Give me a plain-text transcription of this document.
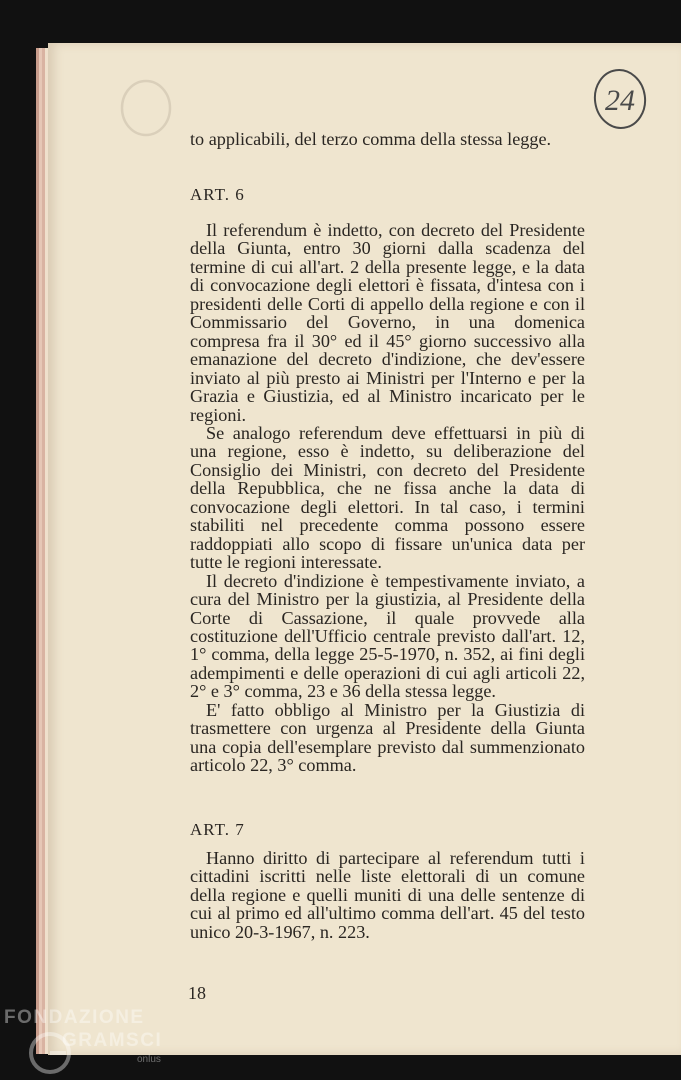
24

to applicabili, del terzo comma della stessa legge.

ART. 6

Il referendum è indetto, con decreto del Presidente della Giunta, entro 30 giorni dalla scadenza del termine di cui all'art. 2 della presente legge, e la data di convocazione degli elettori è fissata, d'intesa con i presidenti delle Corti di appello della regione e con il Commissario del Governo, in una domenica compresa fra il 30° ed il 45° giorno successivo alla emanazione del decreto d'indizione, che dev'essere inviato al più presto ai Ministri per l'Interno e per la Grazia e Giustizia, ed al Ministro incaricato per le regioni.

Se analogo referendum deve effettuarsi in più di una regione, esso è indetto, su deliberazione del Consiglio dei Ministri, con decreto del Presidente della Repubblica, che ne fissa anche la data di convocazione degli elettori. In tal caso, i termini stabiliti nel precedente comma possono essere raddoppiati allo scopo di fissare un'unica data per tutte le regioni interessate.

Il decreto d'indizione è tempestivamente inviato, a cura del Ministro per la giustizia, al Presidente della Corte di Cassazione, il quale provvede alla costituzione dell'Ufficio centrale previsto dall'art. 12, 1° comma, della legge 25-5-1970, n. 352, ai fini degli adempimenti e delle operazioni di cui agli articoli 22, 2° e 3° comma, 23 e 36 della stessa legge.

E' fatto obbligo al Ministro per la Giustizia di trasmettere con urgenza al Presidente della Giunta una copia dell'esemplare previsto dal summenzionato articolo 22, 3° comma.

ART. 7

Hanno diritto di partecipare al referendum tutti i cittadini iscritti nelle liste elettorali di un comune della regione e quelli muniti di una delle sentenze di cui al primo ed all'ultimo comma dell'art. 45 del testo unico 20-3-1967, n. 223.

18
FONDAZIONE
GRAMSCI
onlus
